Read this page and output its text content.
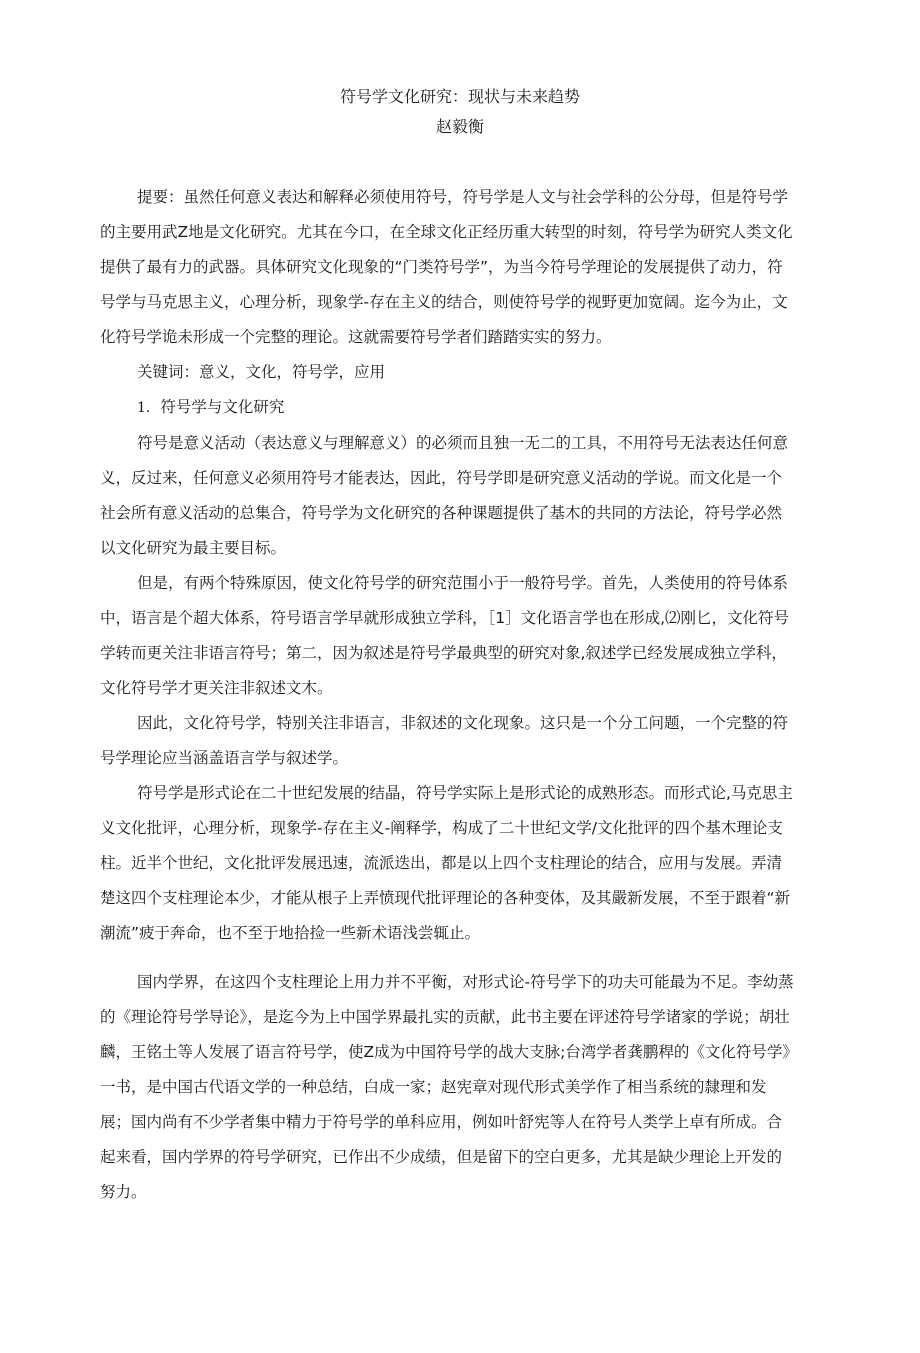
符号学文化研究：现状与未来趋势
赵毅衡

提要：虽然任何意义表达和解释必须使用符号，符号学是人文与社会学科的公分母，但是符号学的主要用武Z地是文化研究。尤其在今口，在全球文化正经历重大转型的时刻，符号学为研究人类文化提供了最有力的武器。具体研究文化现象的“门类符号学”，为当今符号学理论的发展提供了动力，符号学与马克思主义，心理分析，现象学-存在主义的结合，则使符号学的视野更加宽阔。迄今为止，文化符号学诡未形成一个完整的理论。这就需要符号学者们踏踏实实的努力。

关键词：意义，文化，符号学，应用

1. 符号学与文化研究

符号是意义活动（表达意义与理解意义）的必须而且独一无二的工具，不用符号无法表达任何意义，反过来，任何意义必须用符号才能表达，因此，符号学即是研究意义活动的学说。而文化是一个社会所有意义活动的总集合，符号学为文化研究的各种课题提供了基木的共同的方法论，符号学必然以文化研究为最主要目标。

但是，有两个特殊原因，使文化符号学的研究范围小于一般符号学。首先，人类使用的符号体系中，语言是个超大体系，符号语言学早就形成独立学科，［1］文化语言学也在形成,⑵刚匕，文化符号学转而更关注非语言符号；第二，因为叙述是符号学最典型的研究对象,叙述学已经发展成独立学科，文化符号学才更关注非叙述文木。

因此，文化符号学，特别关注非语言，非叙述的文化现象。这只是一个分工问题，一个完整的符号学理论应当涵盖语言学与叙述学。

符号学是形式论在二十世纪发展的结晶，符号学实际上是形式论的成熟形态。而形式论,马克思主义文化批评，心理分析，现象学-存在主义-阐释学，构成了二十世纪文学/文化批评的四个基木理论支柱。近半个世纪，文化批评发展迅速，流派迭出，都是以上四个支柱理论的结合，应用与发展。弄清楚这四个支柱理论本少，才能从根子上弄愤现代批评理论的各种变体，及其嚴新发展，不至于跟着“新潮流”疲于奔命，也不至于地拾捡一些新术语浅尝辄止。

国内学界，在这四个支柱理论上用力并不平衡，对形式论-符号学下的功夫可能最为不足。李幼蒸的《理论符号学导论》，是迄今为上中国学界最扎实的贡献，此书主要在评述符号学诸家的学说；胡壮麟，王铭土等人发展了语言符号学，使Z成为中国符号学的战大支脉;台湾学者龚鹏稈的《文化符号学》一书，是中国古代语文学的一种总结，白成一家；赵宪章对现代形式美学作了相当系统的隸理和发展；国内尚有不少学者集中精力于符号学的单科应用，例如叶舒宪等人在符号人类学上卓有所成。合起来看，国内学界的符号学研究，已作出不少成绩，但是留下的空白更多，尤其是缺少理论上开发的努力。
